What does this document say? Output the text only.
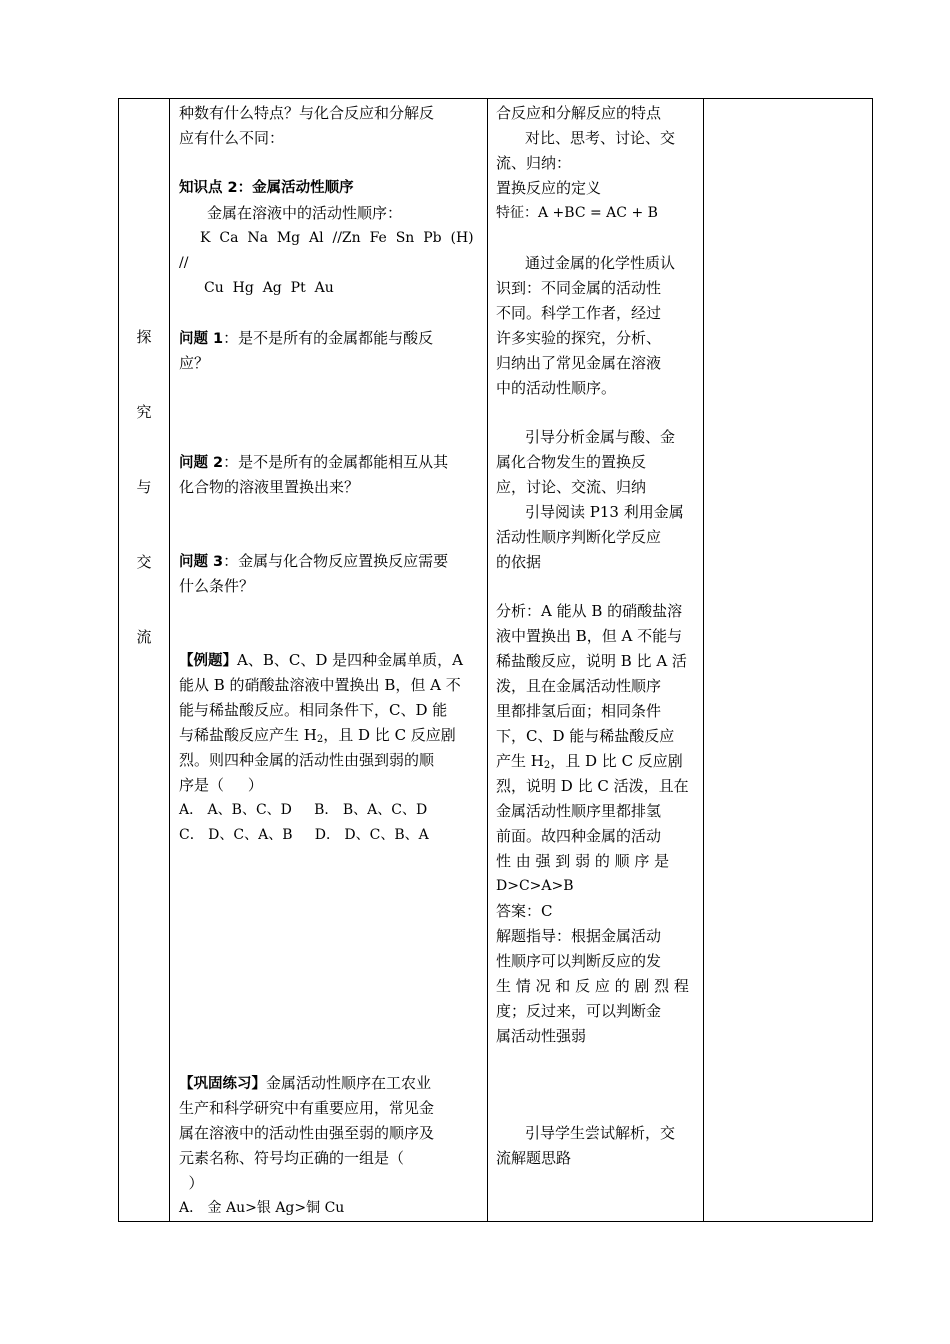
探
究
与
交
流

种数有什么特点？与化合反应和分解反
应有什么不同：
知识点 2：金属活动性顺序
金属在溶液中的活动性顺序：
K  Ca  Na  Mg  Al  //Zn  Fe  Sn  Pb  (H)
//
Cu  Hg  Ag  Pt  Au
问题 1：是不是所有的金属都能与酸反
应？
问题 2：是不是所有的金属都能相互从其
化合物的溶液里置换出来？
问题 3：金属与化合物反应置换反应需要
什么条件？
【例题】A、B、C、D 是四种金属单质，A
能从 B 的硝酸盐溶液中置换出 B，但 A 不
能与稀盐酸反应。相同条件下，C、D 能
与稀盐酸反应产生 $H_2$，且 D 比 C 反应剧
烈。则四种金属的活动性由强到弱的顺
序是（     ）
A． A、B、C、D     B． B、A、C、D
C． D、C、A、B     D． D、C、B、A
【巩固练习】金属活动性顺序在工农业
生产和科学研究中有重要应用，常见金
属在溶液中的活动性由强至弱的顺序及
元素名称、符号均正确的一组是（
）
A． 金 Au>银 Ag>铜 Cu

合反应和分解反应的特点
对比、思考、讨论、交
流、归纳：
置换反应的定义
特征：A +BC = AC + B
通过金属的化学性质认
识到：不同金属的活动性
不同。科学工作者，经过
许多实验的探究，分析、
归纳出了常见金属在溶液
中的活动性顺序。
引导分析金属与酸、金
属化合物发生的置换反
应，讨论、交流、归纳
引导阅读 P13 利用金属
活动性顺序判断化学反应
的依据
分析：A 能从 B 的硝酸盐溶
液中置换出 B，但 A 不能与
稀盐酸反应，说明 B 比 A 活
泼，且在金属活动性顺序
里都排氢后面；相同条件
下，C、D 能与稀盐酸反应
产生 $H_2$，且 D 比 C 反应剧
烈，说明 D 比 C 活泼，且在
金属活动性顺序里都排氢
前面。故四种金属的活动
性 由 强 到 弱 的 顺 序 是
D>C>A>B
答案：C
解题指导：根据金属活动
性顺序可以判断反应的发
生 情 况 和 反 应 的 剧 烈 程
度；反过来，可以判断金
属活动性强弱
引导学生尝试解析，交
流解题思路
